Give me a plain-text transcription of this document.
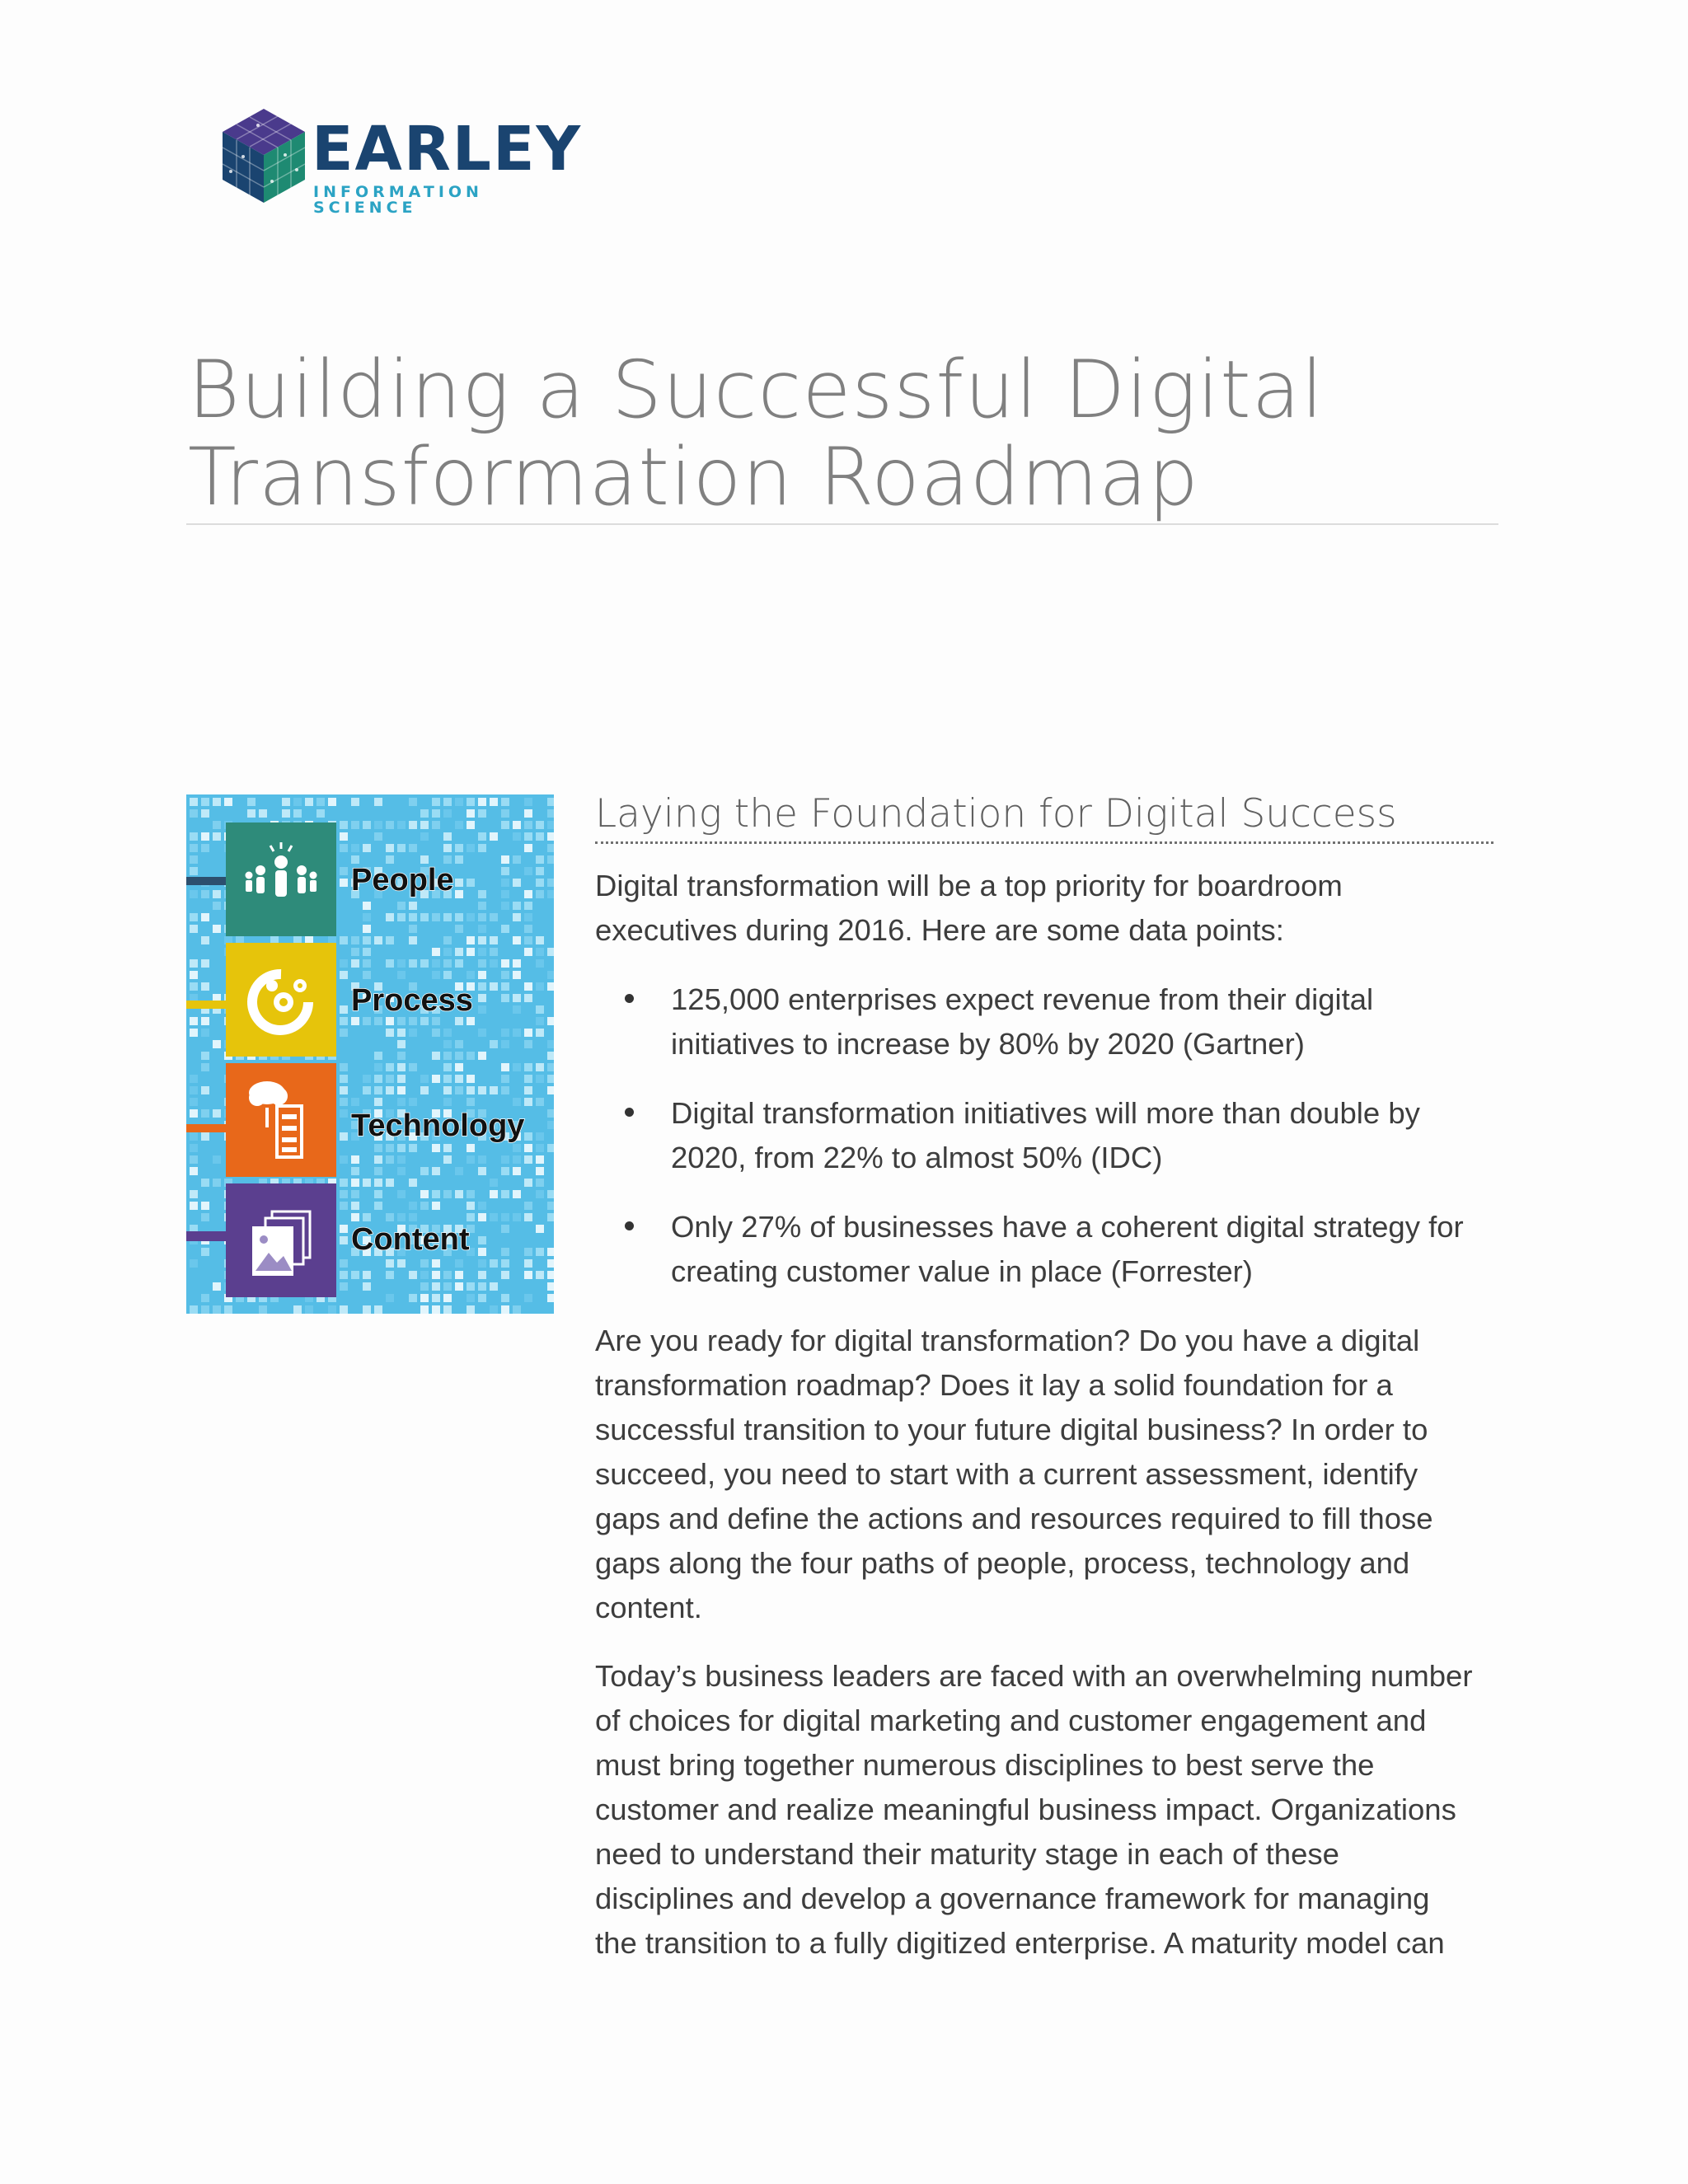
EARLEY
INFORMATION SCIENCE
Building a Successful Digital
Transformation Roadmap
People
Process
Technology
Content
Laying the Foundation for Digital Success
Digital transformation will be a top priority for boardroom
executives during 2016. Here are some data points:
125,000 enterprises expect revenue from their digital
initiatives to increase by 80% by 2020 (Gartner)
Digital transformation initiatives will more than double by
2020, from 22% to almost 50% (IDC)
Only 27% of businesses have a coherent digital strategy for
creating customer value in place (Forrester)
Are you ready for digital transformation? Do you have a digital
transformation roadmap? Does it lay a solid foundation for a
successful transition to your future digital business? In order to
succeed, you need to start with a current assessment, identify
gaps and define the actions and resources required to fill those
gaps along the four paths of people, process, technology and
content.
Today’s business leaders are faced with an overwhelming number
of choices for digital marketing and customer engagement and
must bring together numerous disciplines to best serve the
customer and realize meaningful business impact. Organizations
need to understand their maturity stage in each of these
disciplines and develop a governance framework for managing
the transition to a fully digitized enterprise. A maturity model can
